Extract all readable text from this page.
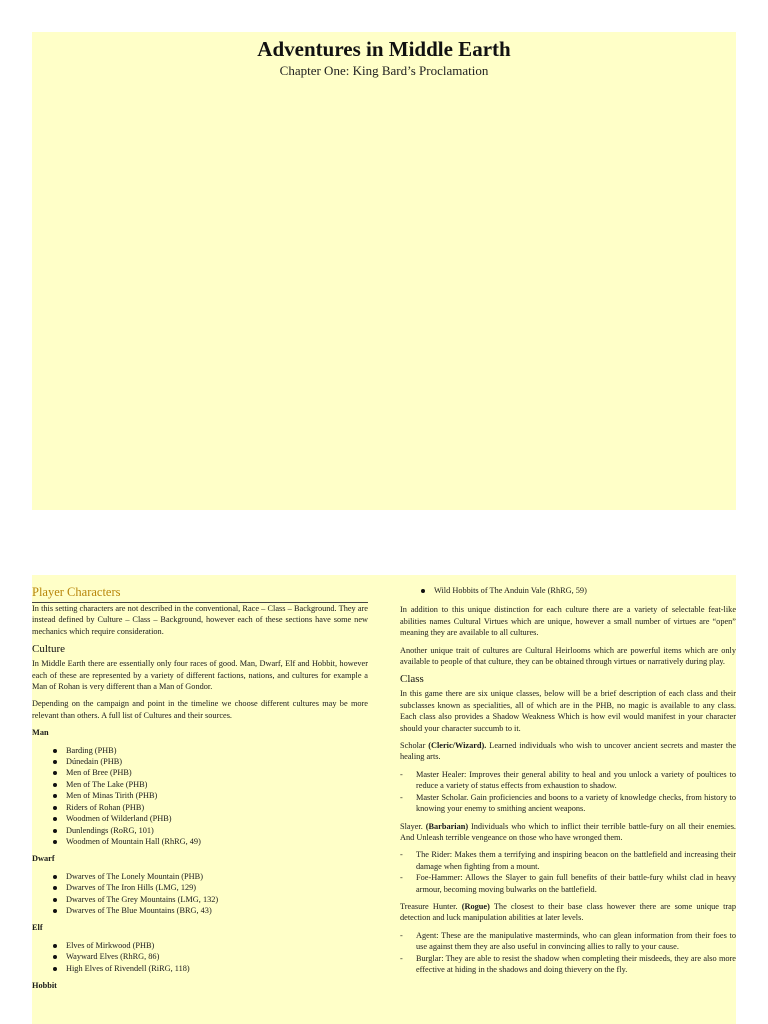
Adventures in Middle Earth
Chapter One: King Bard’s Proclamation
Player Characters

In this setting characters are not described in the conventional, Race – Class – Background. They are instead defined by Culture – Class – Background, however each of these sections have some new mechanics which require consideration.

Culture

In Middle Earth there are essentially only four races of good. Man, Dwarf, Elf and Hobbit, however each of these are represented by a variety of different factions, nations, and cultures for example a Man of Rohan is very different than a Man of Gondor.

Depending on the campaign and point in the timeline we choose different cultures may be more relevant than others. A full list of Cultures and their sources.

Man
Barding (PHB)
Dúnedain (PHB)
Men of Bree (PHB)
Men of The Lake (PHB)
Men of Minas Tirith (PHB)
Riders of Rohan (PHB)
Woodmen of Wilderland (PHB)
Dunlendings (RoRG, 101)
Woodmen of Mountain Hall (RhRG, 49)
Dwarf
Dwarves of The Lonely Mountain (PHB)
Dwarves of The Iron Hills (LMG, 129)
Dwarves of The Grey Mountains (LMG, 132)
Dwarves of The Blue Mountains (BRG, 43)
Elf
Elves of Mirkwood (PHB)
Wayward Elves (RhRG, 86)
High Elves of Rivendell (RiRG, 118)
Hobbit
Wild Hobbits of The Anduin Vale (RhRG, 59)

In addition to this unique distinction for each culture there are a variety of selectable feat-like abilities names Cultural Virtues which are unique, however a small number of virtues are “open” meaning they are available to all cultures.

Another unique trait of cultures are Cultural Heirlooms which are powerful items which are only available to people of that culture, they can be obtained through virtues or narratively during play.

Class

In this game there are six unique classes, below will be a brief description of each class and their subclasses known as specialities, all of which are in the PHB, no magic is available to any class. Each class also provides a Shadow Weakness Which is how evil would manifest in your character should your character succumb to it.

Scholar (Cleric/Wizard). Learned individuals who wish to uncover ancient secrets and master the healing arts.

- Master Healer: Improves their general ability to heal and you unlock a variety of poultices to reduce a variety of status effects from exhaustion to shadow.
- Master Scholar. Gain proficiencies and boons to a variety of knowledge checks, from history to knowing your enemy to smithing ancient weapons.

Slayer. (Barbarian) Individuals who which to inflict their terrible battle-fury on all their enemies. And Unleash terrible vengeance on those who have wronged them.

- The Rider: Makes them a terrifying and inspiring beacon on the battlefield and increasing their damage when fighting from a mount.
- Foe-Hammer: Allows the Slayer to gain full benefits of their battle-fury whilst clad in heavy armour, becoming moving bulwarks on the battlefield.

Treasure Hunter. (Rogue) The closest to their base class however there are some unique trap detection and luck manipulation abilities at later levels.

- Agent: These are the manipulative masterminds, who can glean information from their foes to use against them they are also useful in convincing allies to rally to your cause.
- Burglar: They are able to resist the shadow when completing their misdeeds, they are also more effective at hiding in the shadows and doing thievery on the fly.
